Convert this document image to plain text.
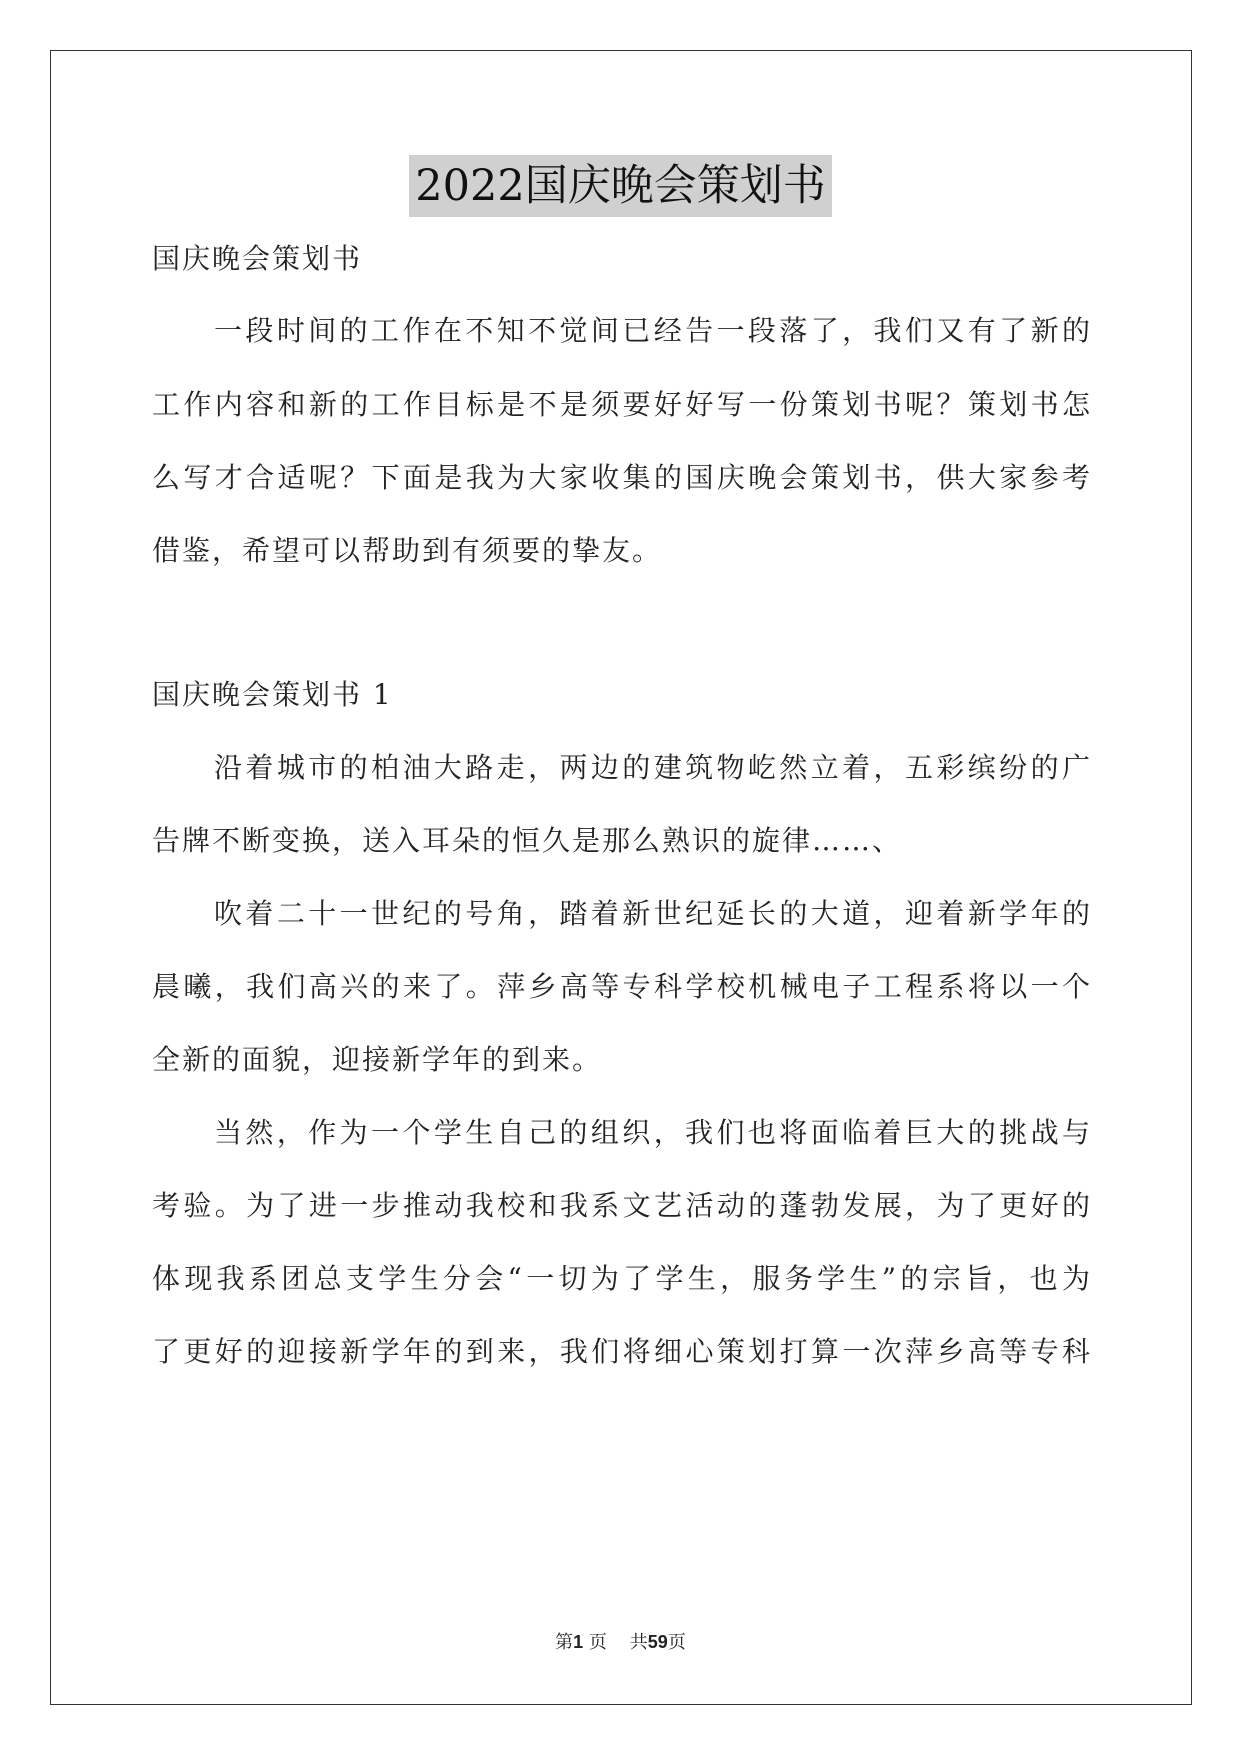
2022国庆晚会策划书
国庆晚会策划书
一段时间的工作在不知不觉间已经告一段落了，我们又有了新的
工作内容和新的工作目标是不是须要好好写一份策划书呢？策划书怎
么写才合适呢？下面是我为大家收集的国庆晚会策划书，供大家参考
借鉴，希望可以帮助到有须要的挚友。
国庆晚会策划书 1
沿着城市的柏油大路走，两边的建筑物屹然立着，五彩缤纷的广
告牌不断变换，送入耳朵的恒久是那么熟识的旋律……、
吹着二十一世纪的号角，踏着新世纪延长的大道，迎着新学年的
晨曦，我们高兴的来了。萍乡高等专科学校机械电子工程系将以一个
全新的面貌，迎接新学年的到来。
当然，作为一个学生自己的组织，我们也将面临着巨大的挑战与
考验。为了进一步推动我校和我系文艺活动的蓬勃发展，为了更好的
体现我系团总支学生分会“一切为了学生，服务学生”的宗旨，也为
了更好的迎接新学年的到来，我们将细心策划打算一次萍乡高等专科
第1 页 共59页
